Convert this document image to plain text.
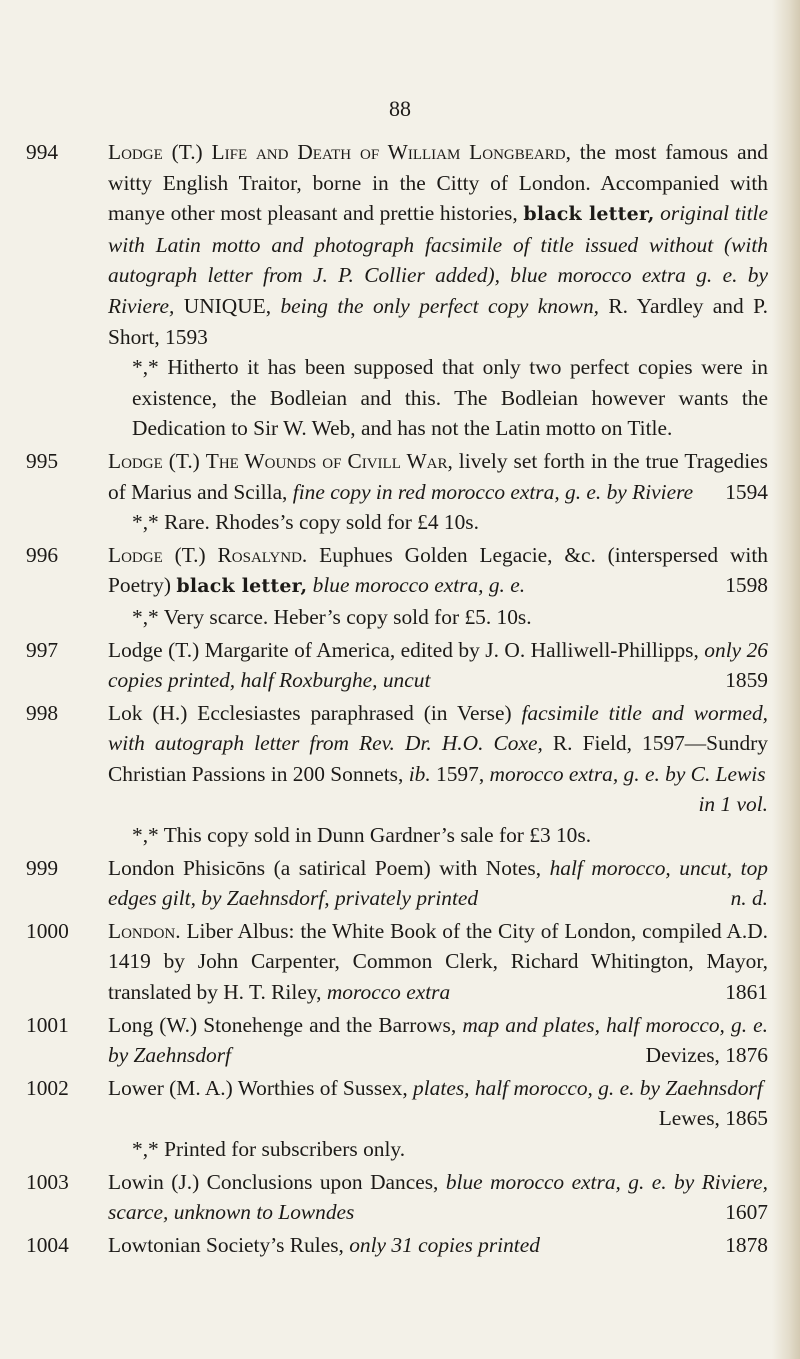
88
994	Lodge (T.) Life and Death of William Longbeard, the most famous and witty English Traitor, borne in the Citty of London. Accompanied with manye other most pleasant and prettie histories, black letter, original title with Latin motto and photograph facsimile of title issued without (with autograph letter from J. P. Collier added), blue morocco extra g. e. by Riviere, UNIQUE, being the only perfect copy known, R. Yardley and P. Short, 1593
*,* Hitherto it has been supposed that only two perfect copies were in existence, the Bodleian and this. The Bodleian however wants the Dedication to Sir W. Web, and has not the Latin motto on Title.
995	Lodge (T.) The Wounds of Civill War, lively set forth in the true Tragedies of Marius and Scilla, fine copy in red morocco extra, g. e. by Riviere	1594
*,* Rare. Rhodes’s copy sold for £4 10s.
996	Lodge (T.) Rosalynd. Euphues Golden Legacie, &c. (interspersed with Poetry) black letter, blue morocco extra, g. e.	1598
*,* Very scarce. Heber’s copy sold for £5. 10s.
997	Lodge (T.) Margarite of America, edited by J. O. Halliwell-Phillipps, only 26 copies printed, half Roxburghe, uncut	1859
998	Lok (H.) Ecclesiastes paraphrased (in Verse) facsimile title and wormed, with autograph letter from Rev. Dr. H.O. Coxe, R. Field, 1597—Sundry Christian Passions in 200 Sonnets, ib. 1597, morocco extra, g. e. by C. Lewis
in 1 vol.
*,* This copy sold in Dunn Gardner’s sale for £3 10s.
999	London Phisicōns (a satirical Poem) with Notes, half morocco, uncut, top edges gilt, by Zaehnsdorf, privately printed	n. d.
1000	London. Liber Albus: the White Book of the City of London, compiled A.D. 1419 by John Carpenter, Common Clerk, Richard Whitington, Mayor, translated by H. T. Riley, morocco extra	1861
1001	Long (W.) Stonehenge and the Barrows, map and plates, half morocco, g. e. by Zaehnsdorf	Devizes, 1876
1002	Lower (M. A.) Worthies of Sussex, plates, half morocco, g. e. by Zaehnsdorf
Lewes, 1865
*,* Printed for subscribers only.
1003	Lowin (J.) Conclusions upon Dances, blue morocco extra, g. e. by Riviere, scarce, unknown to Lowndes	1607
1004	Lowtonian Society’s Rules, only 31 copies printed	1878
